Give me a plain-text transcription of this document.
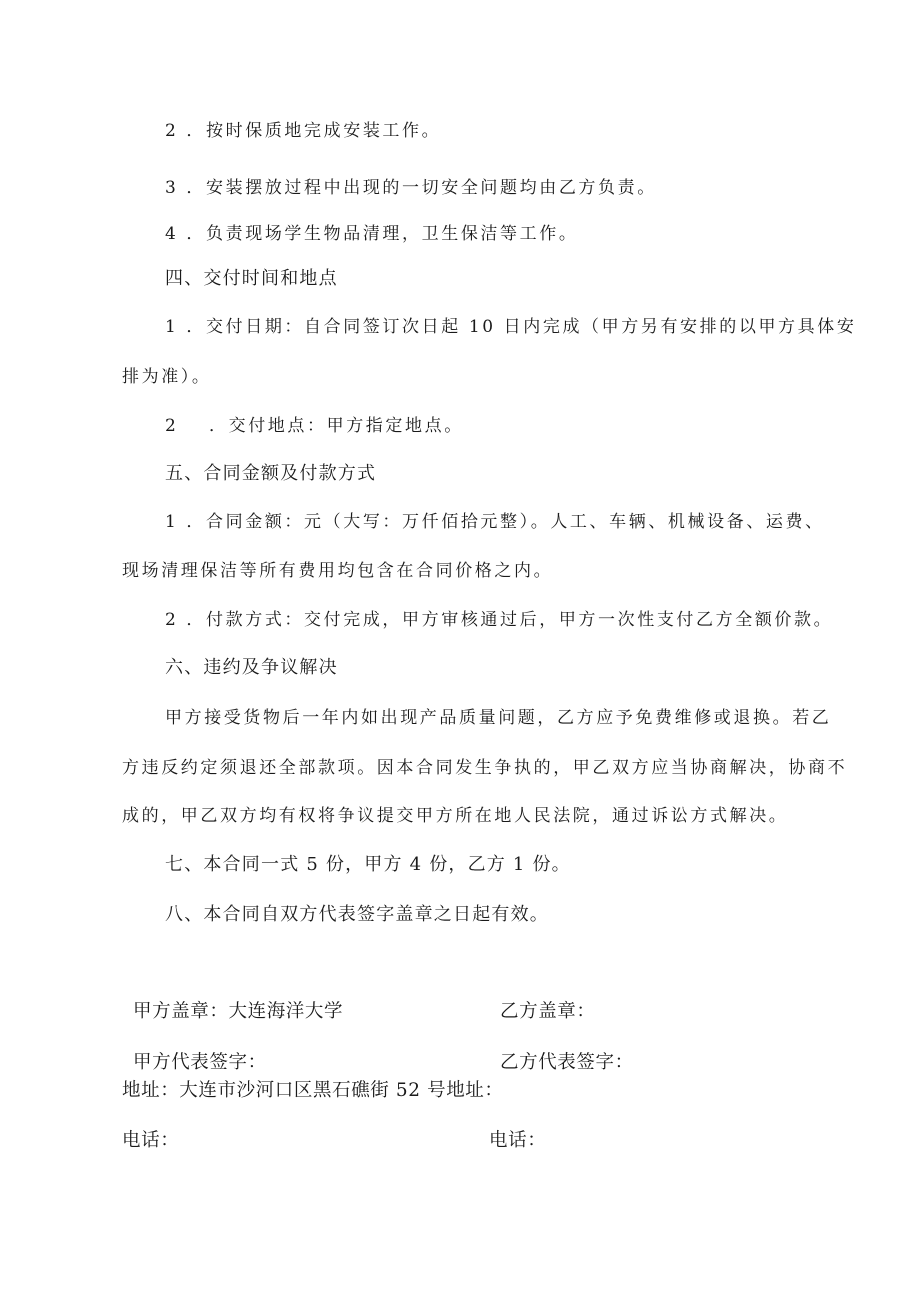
2 ．按时保质地完成安装工作。
3 ．安装摆放过程中出现的一切安全问题均由乙方负责。
4 ．负责现场学生物品清理，卫生保洁等工作。
四、交付时间和地点
1 ．交付日期：自合同签订次日起 10 日内完成（甲方另有安排的以甲方具体安
排为准）。
2 ．交付地点：甲方指定地点。
五、合同金额及付款方式
1 ．合同金额：元（大写：万仟佰拾元整）。人工、车辆、机械设备、运费、
现场清理保洁等所有费用均包含在合同价格之内。
2 ．付款方式：交付完成，甲方审核通过后，甲方一次性支付乙方全额价款。
六、违约及争议解决
甲方接受货物后一年内如出现产品质量问题，乙方应予免费维修或退换。若乙
方违反约定须退还全部款项。因本合同发生争执的，甲乙双方应当协商解决，协商不
成的，甲乙双方均有权将争议提交甲方所在地人民法院，通过诉讼方式解决。
七、本合同一式 5 份，甲方 4 份，乙方 1 份。
八、本合同自双方代表签字盖章之日起有效。
甲方盖章：大连海洋大学	乙方盖章：
甲方代表签字：	乙方代表签字：
地址：大连市沙河口区黑石礁街 52 号地址：
电话：	电话：
